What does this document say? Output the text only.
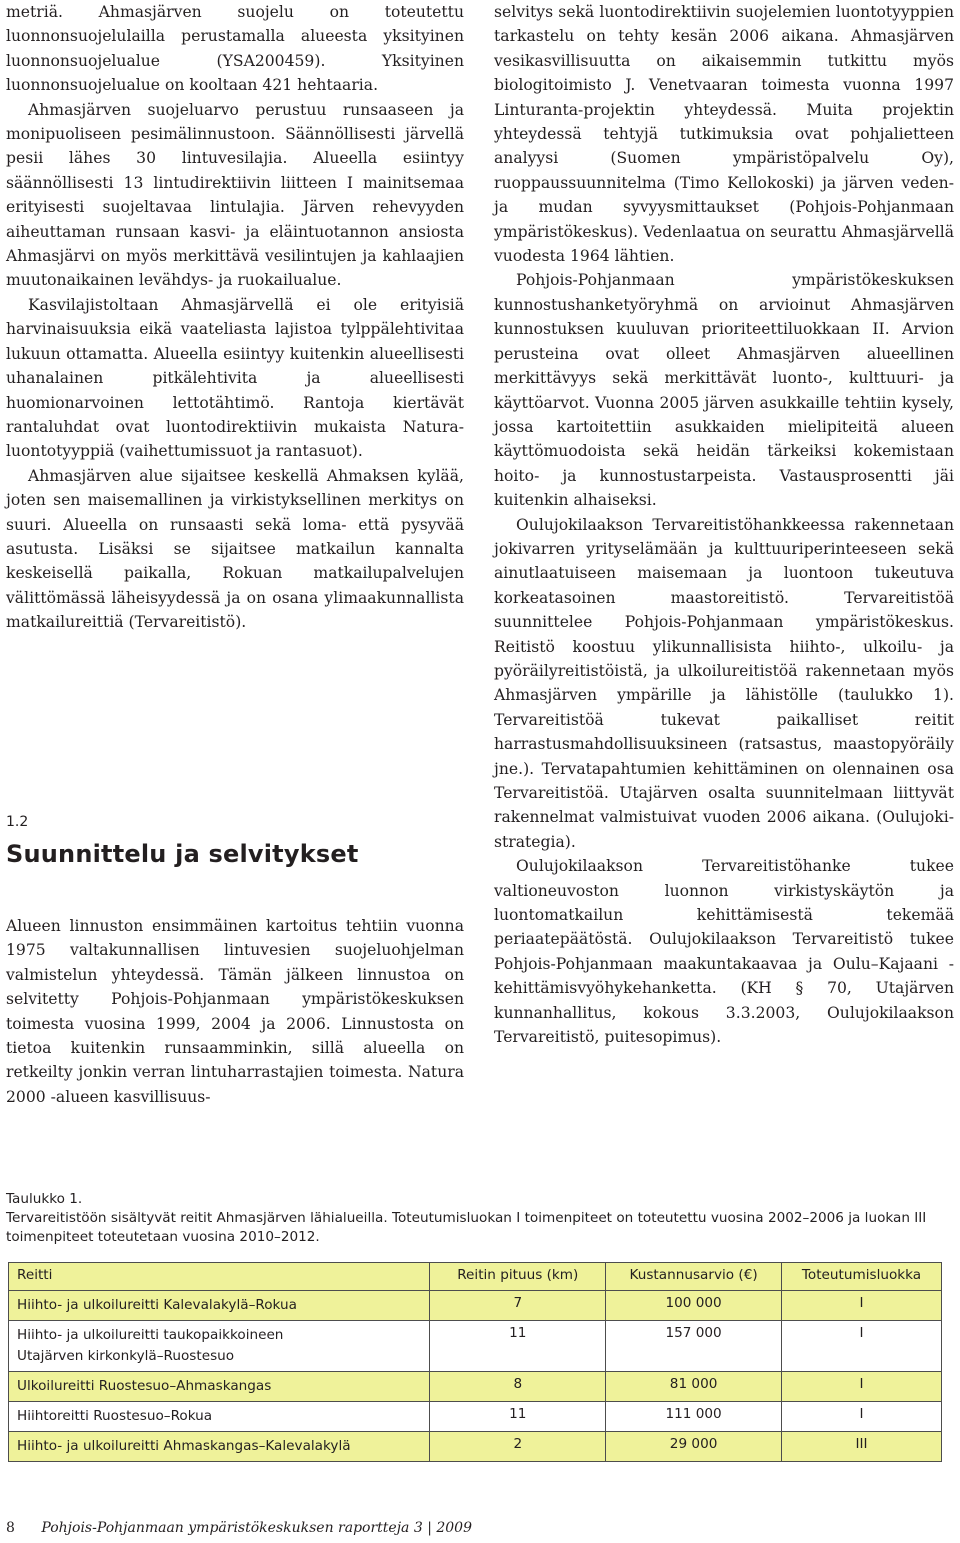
metriä. Ahmasjärven suojelu on toteutettu luonnonsuojelulailla perustamalla alueesta yksityinen luonnonsuojelualue (YSA200459). Yksityinen luonnonsuojelualue on kooltaan 421 hehtaaria.

Ahmasjärven suojeluarvo perustuu runsaaseen ja monipuoliseen pesimälinnustoon. Säännöllisesti järvellä pesii lähes 30 lintuvesilajia. Alueella esiintyy säännöllisesti 13 lintudirektiivin liitteen I mainitsemaa erityisesti suojeltavaa lintulajia. Järven rehevyyden aiheuttaman runsaan kasvi- ja eläintuotannon ansiosta Ahmasjärvi on myös merkittävä vesilintujen ja kahlaajien muutonaikainen levähdys- ja ruokailualue.

Kasvilajistoltaan Ahmasjärvellä ei ole erityisiä harvinaisuuksia eikä vaateliasta lajistoa tylppälehtivitaa lukuun ottamatta. Alueella esiintyy kuitenkin alueellisesti uhanalainen pitkälehtivita ja alueellisesti huomionarvoinen lettotähtimö. Rantoja kiertävät rantaluhdat ovat luontodirektiivin mukaista Natura-luontotyyppiä (vaihettumissuot ja rantasuot).

Ahmasjärven alue sijaitsee keskellä Ahmaksen kylää, joten sen maisemallinen ja virkistyksellinen merkitys on suuri. Alueella on runsaasti sekä loma- että pysyvää asutusta. Lisäksi se sijaitsee matkailun kannalta keskeisellä paikalla, Rokuan matkailupalvelujen välittömässä läheisyydessä ja on osana ylimaakunnallista matkailureittiä (Tervareitistö).

1.2
Suunnittelu ja selvitykset

Alueen linnuston ensimmäinen kartoitus tehtiin vuonna 1975 valtakunnallisen lintuvesien suojeluohjelman valmistelun yhteydessä. Tämän jälkeen linnustoa on selvitetty Pohjois-Pohjanmaan ympäristökeskuksen toimesta vuosina 1999, 2004 ja 2006. Linnustosta on tietoa kuitenkin runsaamminkin, sillä alueella on retkeilty jonkin verran lintuharrastajien toimesta. Natura 2000 -alueen kasvillisuus-

selvitys sekä luontodirektiivin suojelemien luontotyyppien tarkastelu on tehty kesän 2006 aikana. Ahmasjärven vesikasvillisuutta on aikaisemmin tutkittu myös biologitoimisto J. Venetvaaran toimesta vuonna 1997 Linturanta-projektin yhteydessä. Muita projektin yhteydessä tehtyjä tutkimuksia ovat pohjalietteen analyysi (Suomen ympäristöpalvelu Oy), ruoppaussuunnitelma (Timo Kellokoski) ja järven veden- ja mudan syvyysmittaukset (Pohjois-Pohjanmaan ympäristökeskus). Vedenlaatua on seurattu Ahmasjärvellä vuodesta 1964 lähtien.

Pohjois-Pohjanmaan ympäristökeskuksen kunnostushanketyöryhmä on arvioinut Ahmasjärven kunnostuksen kuuluvan prioriteettiluokkaan II. Arvion perusteina ovat olleet Ahmasjärven alueellinen merkittävyys sekä merkittävät luonto-, kulttuuri- ja käyttöarvot. Vuonna 2005 järven asukkaille tehtiin kysely, jossa kartoitettiin asukkaiden mielipiteitä alueen käyttömuodoista sekä heidän tärkeiksi kokemistaan hoito- ja kunnostustarpeista. Vastausprosentti jäi kuitenkin alhaiseksi.

Oulujokilaakson Tervareitistöhankkeessa rakennetaan jokivarren yrityselämään ja kulttuuriperinteeseen sekä ainutlaatuiseen maisemaan ja luontoon tukeutuva korkeatasoinen maastoreitistö. Tervareitistöä suunnittelee Pohjois-Pohjanmaan ympäristökeskus. Reitistö koostuu ylikunnallisista hiihto-, ulkoilu- ja pyöräilyreitistöistä, ja ulkoilureitistöä rakennetaan myös Ahmasjärven ympärille ja lähistölle (taulukko 1). Tervareitistöä tukevat paikalliset reitit harrastusmahdollisuuksineen (ratsastus, maastopyöräily jne.). Tervatapahtumien kehittäminen on olennainen osa Tervareitistöä. Utajärven osalta suunnitelmaan liittyvät rakennelmat valmistuivat vuoden 2006 aikana. (Oulujoki-strategia).

Oulujokilaakson Tervareitistöhanke tukee valtioneuvoston luonnon virkistyskäytön ja luontomatkailun kehittämisestä tekemää periaatepäätöstä. Oulujokilaakson Tervareitistö tukee Pohjois-Pohjanmaan maakuntakaavaa ja Oulu–Kajaani -kehittämisvyöhykehanketta. (KH § 70, Utajärven kunnanhallitus, kokous 3.3.2003, Oulujokilaakson Tervareitistö, puitesopimus).

Taulukko 1.
Tervareitistöön sisältyvät reitit Ahmasjärven lähialueilla. Toteutumisluokan I toimenpiteet on toteutettu vuosina 2002–2006 ja luokan III toimenpiteet toteutetaan vuosina 2010–2012.
Reitti	Reitin pituus (km)	Kustannusarvio (€)	Toteutumisluokka
Hiihto- ja ulkoilureitti Kalevalakylä–Rokua	7	100 000	I
Hiihto- ja ulkoilureitti taukopaikkoineen
Utajärven kirkonkylä–Ruostesuo	11	157 000	I
Ulkoilureitti Ruostesuo–Ahmaskangas	8	81 000	I
Hiihtoreitti Ruostesuo–Rokua	11	111 000	I
Hiihto- ja ulkoilureitti Ahmaskangas–Kalevalakylä	2	29 000	III
8 Pohjois-Pohjanmaan ympäristökeskuksen raportteja 3 | 2009
